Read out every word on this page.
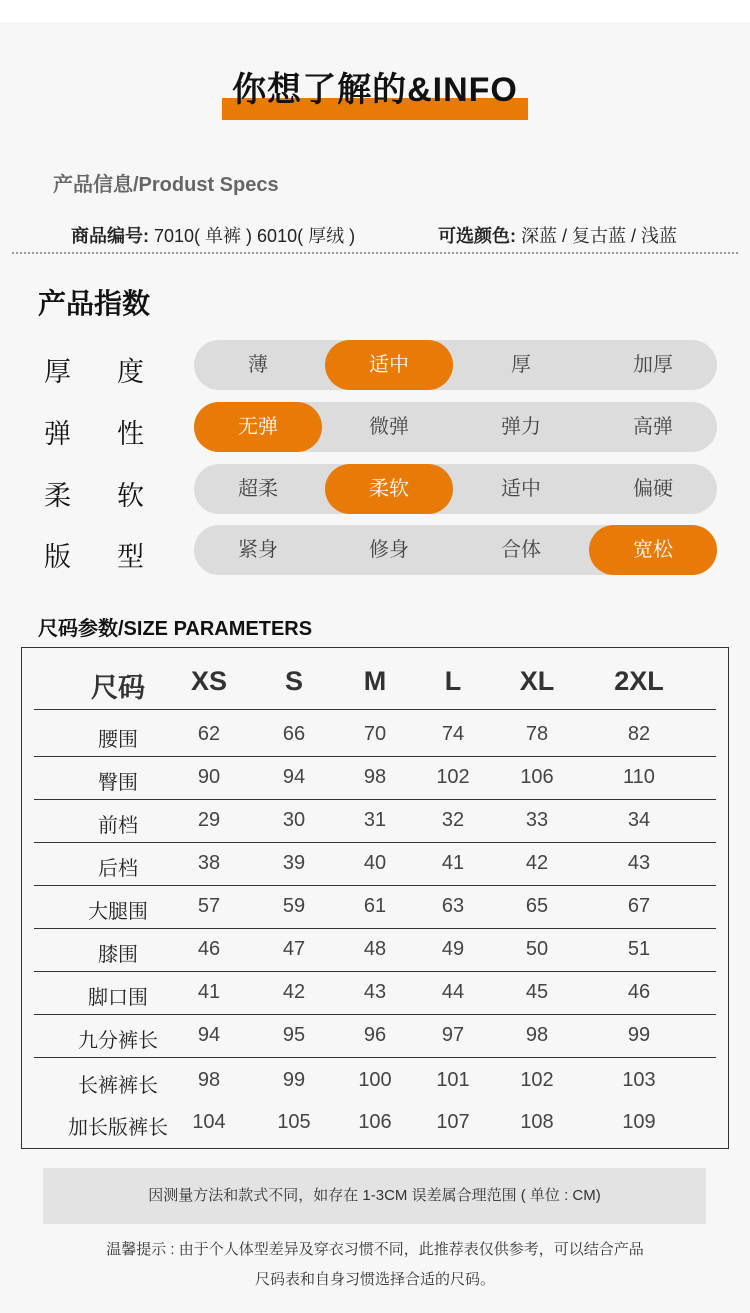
你想了解的&INFO
产品信息/Produst Specs
商品编号: 7010( 单裤 ) 6010( 厚绒 )	可选颜色: 深蓝 / 复古蓝 / 浅蓝
产品指数
厚 度	薄	适中	厚	加厚
弹 性	无弹	微弹	弹力	高弹
柔 软	超柔	柔软	适中	偏硬
版 型	紧身	修身	合体	宽松
尺码参数/SIZE PARAMETERS
尺码	XS	S	M	L	XL	2XL
腰围	62	66	70	74	78	82
臀围	90	94	98	102	106	110
前档	29	30	31	32	33	34
后档	38	39	40	41	42	43
大腿围	57	59	61	63	65	67
膝围	46	47	48	49	50	51
脚口围	41	42	43	44	45	46
九分裤长	94	95	96	97	98	99
长裤裤长	98	99	100	101	102	103
加长版裤长	104	105	106	107	108	109
因测量方法和款式不同，如存在 1-3CM 误差属合理范围 ( 单位 : CM)
温馨提示 : 由于个人体型差异及穿衣习惯不同，此推荐表仅供参考，可以结合产品
尺码表和自身习惯选择合适的尺码。
